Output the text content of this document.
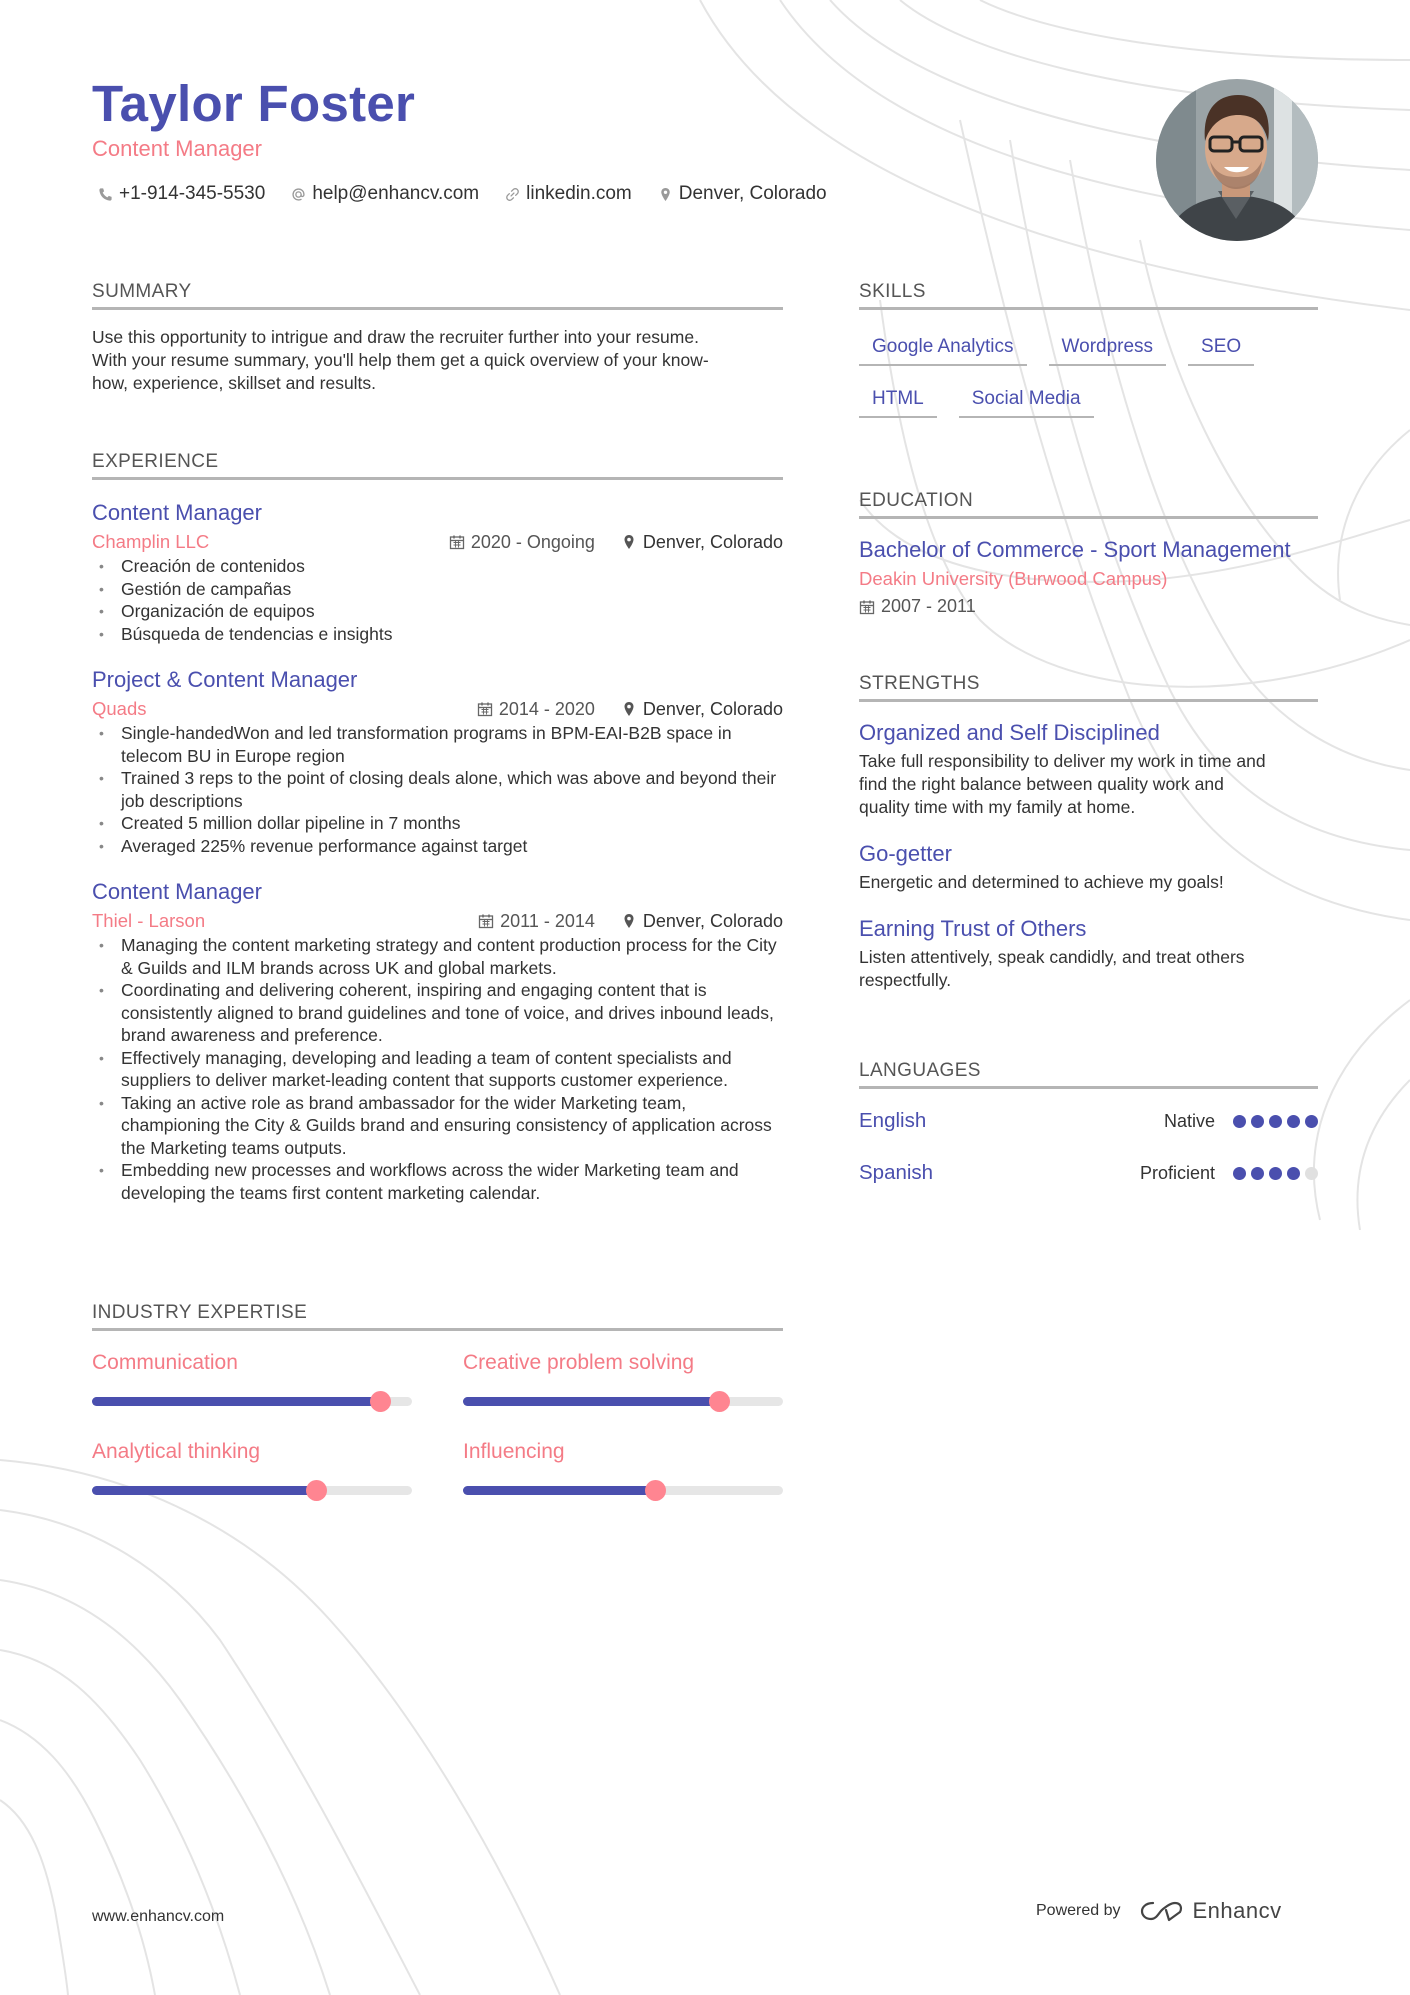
Taylor Foster
Content Manager
+1-914-345-5530 help@enhancv.com linkedin.com Denver, Colorado
SUMMARY
Use this opportunity to intrigue and draw the recruiter further into your resume.
With your resume summary, you'll help them get a quick overview of your know-
how, experience, skillset and results.
EXPERIENCE
Content Manager
Champlin LLC	2020 - Ongoing	Denver, Colorado
• Creación de contenidos
• Gestión de campañas
• Organización de equipos
• Búsqueda de tendencias e insights
Project & Content Manager
Quads	2014 - 2020	Denver, Colorado
• Single-handedWon and led transformation programs in BPM-EAI-B2B space in telecom BU in Europe region
• Trained 3 reps to the point of closing deals alone, which was above and beyond their job descriptions
• Created 5 million dollar pipeline in 7 months
• Averaged 225% revenue performance against target
Content Manager
Thiel - Larson	2011 - 2014	Denver, Colorado
• Managing the content marketing strategy and content production process for the City & Guilds and ILM brands across UK and global markets.
• Coordinating and delivering coherent, inspiring and engaging content that is consistently aligned to brand guidelines and tone of voice, and drives inbound leads, brand awareness and preference.
• Effectively managing, developing and leading a team of content specialists and suppliers to deliver market-leading content that supports customer experience.
• Taking an active role as brand ambassador for the wider Marketing team, championing the City & Guilds brand and ensuring consistency of application across the Marketing teams outputs.
• Embedding new processes and workflows across the wider Marketing team and developing the teams first content marketing calendar.
INDUSTRY EXPERTISE
Communication	Creative problem solving
Analytical thinking	Influencing
SKILLS
Google Analytics	Wordpress	SEO
HTML	Social Media
EDUCATION
Bachelor of Commerce - Sport Management
Deakin University (Burwood Campus)
2007 - 2011
STRENGTHS
Organized and Self Disciplined
Take full responsibility to deliver my work in time and
find the right balance between quality work and
quality time with my family at home.
Go-getter
Energetic and determined to achieve my goals!
Earning Trust of Others
Listen attentively, speak candidly, and treat others
respectfully.
LANGUAGES
English	Native
Spanish	Proficient
www.enhancv.com	Powered by	Enhancv
